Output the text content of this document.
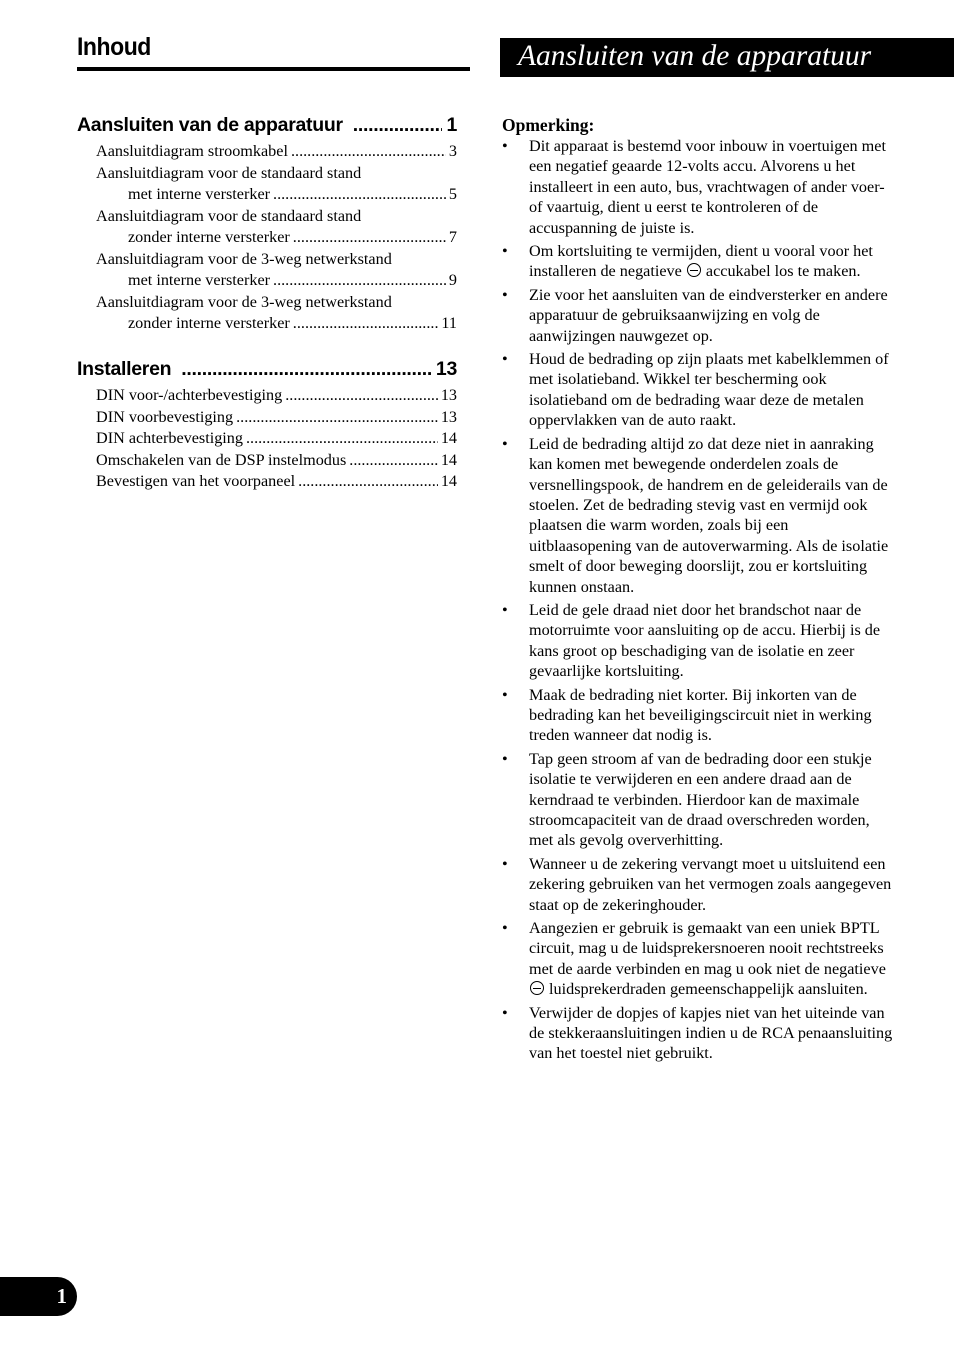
Inhoud
Aansluiten van de apparatuur .....	1
Aansluitdiagram stroomkabel .....	3
Aansluitdiagram voor de standaard stand
met interne versterker .....	5
Aansluitdiagram voor de standaard stand
zonder interne versterker .....	7
Aansluitdiagram voor de 3-weg netwerkstand
met interne versterker .....	9
Aansluitdiagram voor de 3-weg netwerkstand
zonder interne versterker .....	11
Installeren .....	13
DIN voor-/achterbevestiging .....	13
DIN voorbevestiging .....	13
DIN achterbevestiging .....	14
Omschakelen van de DSP instelmodus .....	14
Bevestigen van het voorpaneel .....	14
Aansluiten van de apparatuur
Opmerking:
• Dit apparaat is bestemd voor inbouw in voertuigen met een negatief geaarde 12-volts accu. Alvorens u het installeert in een auto, bus, vrachtwagen of ander voer- of vaartuig, dient u eerst te kontroleren of de accuspanning de juiste is.
• Om kortsluiting te vermijden, dient u vooral voor het installeren de negatieve accukabel los te maken.
• Zie voor het aansluiten van de eindversterker en andere apparatuur de gebruiksaanwijzing en volg de aanwijzingen nauwgezet op.
• Houd de bedrading op zijn plaats met kabelklemmen of met isolatieband. Wikkel ter bescherming ook isolatieband om de bedrading waar deze de metalen oppervlakken van de auto raakt.
• Leid de bedrading altijd zo dat deze niet in aanraking kan komen met bewegende onderdelen zoals de versnellingspook, de handrem en de geleiderails van de stoelen. Zet de bedrading stevig vast en vermijd ook plaatsen die warm worden, zoals bij een uitblaasopening van de autoverwarming. Als de isolatie smelt of door beweging doorslijt, zou er kortsluiting kunnen onstaan.
• Leid de gele draad niet door het brandschot naar de motorruimte voor aansluiting op de accu. Hierbij is de kans groot op beschadiging van de isolatie en zeer gevaarlijke kortsluiting.
• Maak de bedrading niet korter. Bij inkorten van de bedrading kan het beveiligingscircuit niet in werking treden wanneer dat nodig is.
• Tap geen stroom af van de bedrading door een stukje isolatie te verwijderen en een andere draad aan de kerndraad te verbinden. Hierdoor kan de maximale stroomcapaciteit van de draad overschreden worden, met als gevolg oververhitting.
• Wanneer u de zekering vervangt moet u uitsluitend een zekering gebruiken van het vermogen zoals aangegeven staat op de zekeringhouder.
• Aangezien er gebruik is gemaakt van een uniek BPTL circuit, mag u de luidsprekersnoeren nooit rechtstreeks met de aarde verbinden en mag u ook niet de negatieve  luidsprekerdraden gemeenschappelijk aansluiten.
• Verwijder de dopjes of kapjes niet van het uiteinde van de stekkeraansluitingen indien u de RCA penaansluiting van het toestel niet gebruikt.
1
